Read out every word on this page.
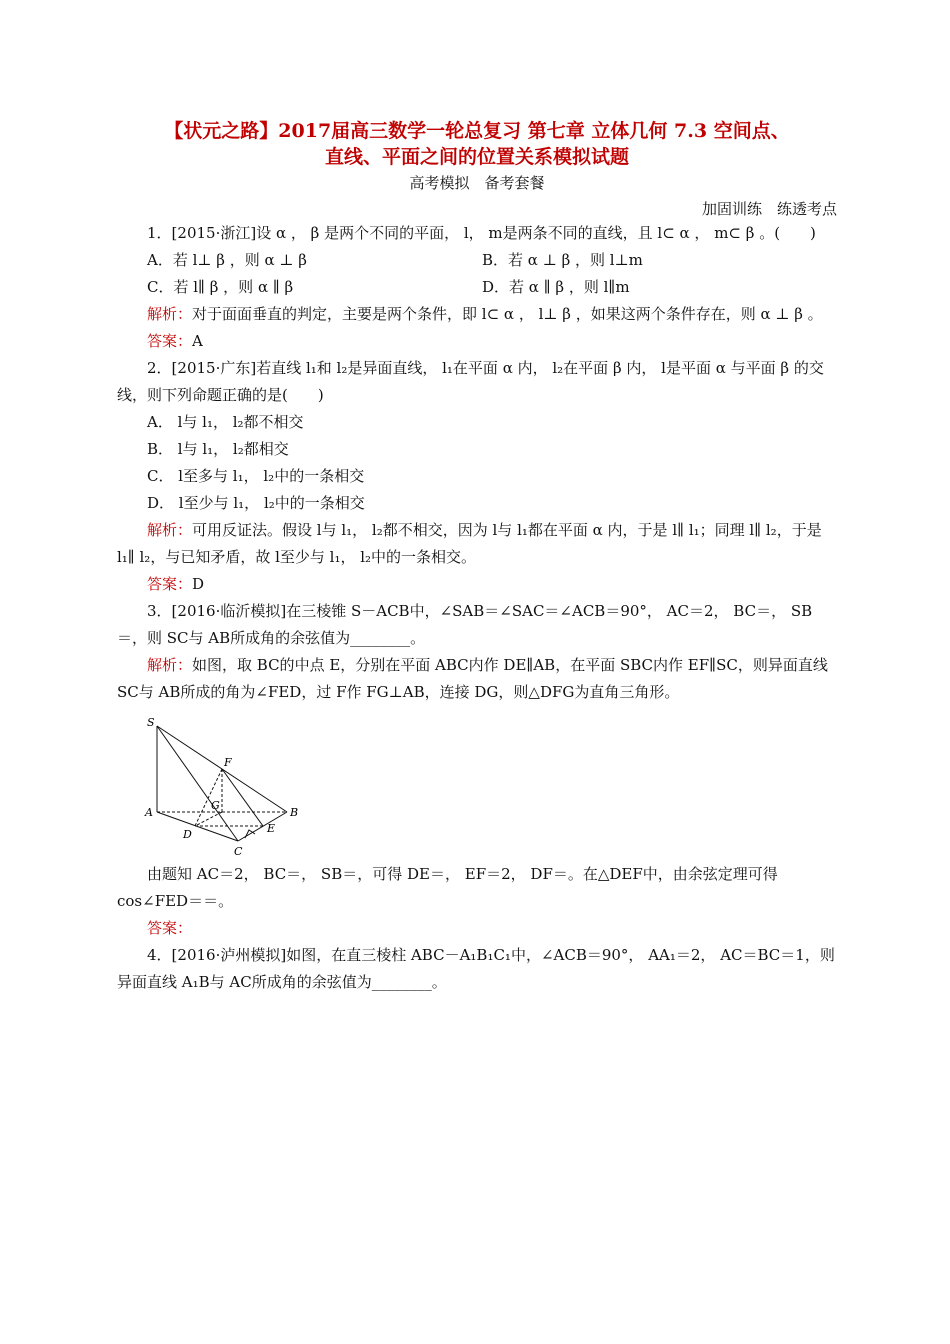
【状元之路】2017届高三数学一轮总复习 第七章 立体几何 7.3 空间点、
直线、平面之间的位置关系模拟试题

高考模拟　备考套餐
加固训练　练透考点

1．[2015·浙江]设 α ， β 是两个不同的平面， l， m是两条不同的直线，且 l⊂ α ， m⊂ β 。(　　)

A．若 l⊥ β ，则 α ⊥ β	B．若 α ⊥ β ，则 l⊥m
C．若 l∥ β ，则 α ∥ β	D．若 α ∥ β ，则 l∥m

解析：对于面面垂直的判定，主要是两个条件，即 l⊂ α ， l⊥ β ，如果这两个条件存在，则 α ⊥ β 。

答案：A

2．[2015·广东]若直线 l₁和 l₂是异面直线， l₁在平面 α 内， l₂在平面 β 内， l是平面 α 与平面 β 的交线，则下列命题正确的是(　　)

A． l与 l₁， l₂都不相交
B． l与 l₁， l₂都相交
C． l至多与 l₁， l₂中的一条相交
D． l至少与 l₁， l₂中的一条相交

解析：可用反证法。假设 l与 l₁， l₂都不相交，因为 l与 l₁都在平面 α 内，于是 l∥ l₁；同理 l∥ l₂，于是 l₁∥ l₂，与已知矛盾，故 l至少与 l₁， l₂中的一条相交。

答案：D

3．[2016·临沂模拟]在三棱锥 S－ACB中，∠SAB＝∠SAC＝∠ACB＝90°， AC＝2， BC＝， SB＝，则 SC与 AB所成角的余弦值为________。

解析：如图，取 BC的中点 E，分别在平面 ABC内作 DE∥AB，在平面 SBC内作 EF∥SC，则异面直线 SC与 AB所成的角为∠FED，过 F作 FG⊥AB，连接 DG，则△DFG为直角三角形。

S
F
G
A	B
D	E
C

由题知 AC＝2， BC＝， SB＝，可得 DE＝， EF＝2， DF＝。在△DEF中，由余弦定理可得 cos∠FED＝＝。

答案：

4．[2016·泸州模拟]如图，在直三棱柱 ABC－A₁B₁C₁中，∠ACB＝90°， AA₁＝2， AC＝BC＝1，则异面直线 A₁B与 AC所成角的余弦值为________。
